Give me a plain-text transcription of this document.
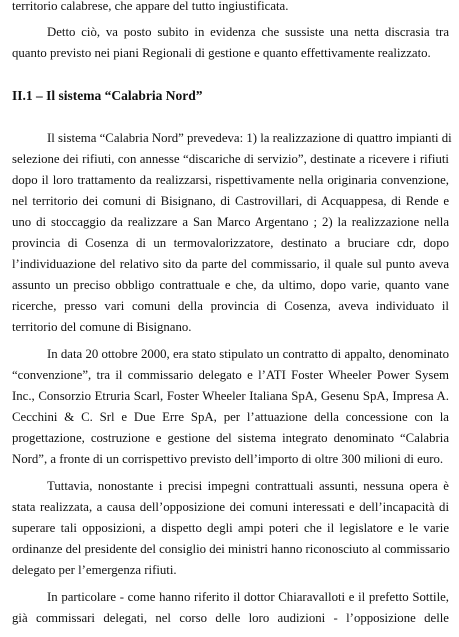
territorio calabrese, che appare del tutto ingiustificata.
Detto ciò, va posto subito in evidenza che sussiste una netta discrasia tra
quanto previsto nei piani Regionali di gestione e quanto effettivamente realizzato.
II.1 – Il sistema “Calabria Nord”
Il sistema “Calabria Nord” prevedeva: 1) la realizzazione di quattro impianti di
selezione dei rifiuti, con annesse “discariche di servizio”, destinate a ricevere i rifiuti
dopo il loro trattamento da realizzarsi, rispettivamente nella originaria convenzione,
nel territorio dei comuni di Bisignano, di Castrovillari, di Acquappesa, di Rende e
uno di stoccaggio da realizzare a San Marco Argentano ; 2) la realizzazione nella
provincia di Cosenza di un termovalorizzatore, destinato a bruciare cdr, dopo
l’individuazione del relativo sito da parte del commissario, il quale sul punto aveva
assunto un preciso obbligo contrattuale e che, da ultimo, dopo varie, quanto vane
ricerche, presso vari comuni della provincia di Cosenza, aveva individuato il
territorio del comune di Bisignano.
In data 20 ottobre 2000, era stato stipulato un contratto di appalto, denominato
“convenzione”, tra il commissario delegato e l’ATI Foster Wheeler Power Sysem
Inc., Consorzio Etruria Scarl, Foster Wheeler Italiana SpA, Gesenu SpA, Impresa A.
Cecchini & C. Srl e Due Erre SpA, per l’attuazione della concessione con la
progettazione, costruzione e gestione del sistema integrato denominato “Calabria
Nord”, a fronte di un corrispettivo previsto dell’importo di oltre 300 milioni di euro.
Tuttavia, nonostante i precisi impegni contrattuali assunti, nessuna opera è
stata realizzata, a causa dell’opposizione dei comuni interessati e dell’incapacità di
superare tali opposizioni, a dispetto degli ampi poteri che il legislatore e le varie
ordinanze del presidente del consiglio dei ministri hanno riconosciuto al commissario
delegato per l’emergenza rifiuti.
In particolare - come hanno riferito il dottor Chiaravalloti e il prefetto Sottile,
già commissari delegati, nel corso delle loro audizioni - l’opposizione delle
